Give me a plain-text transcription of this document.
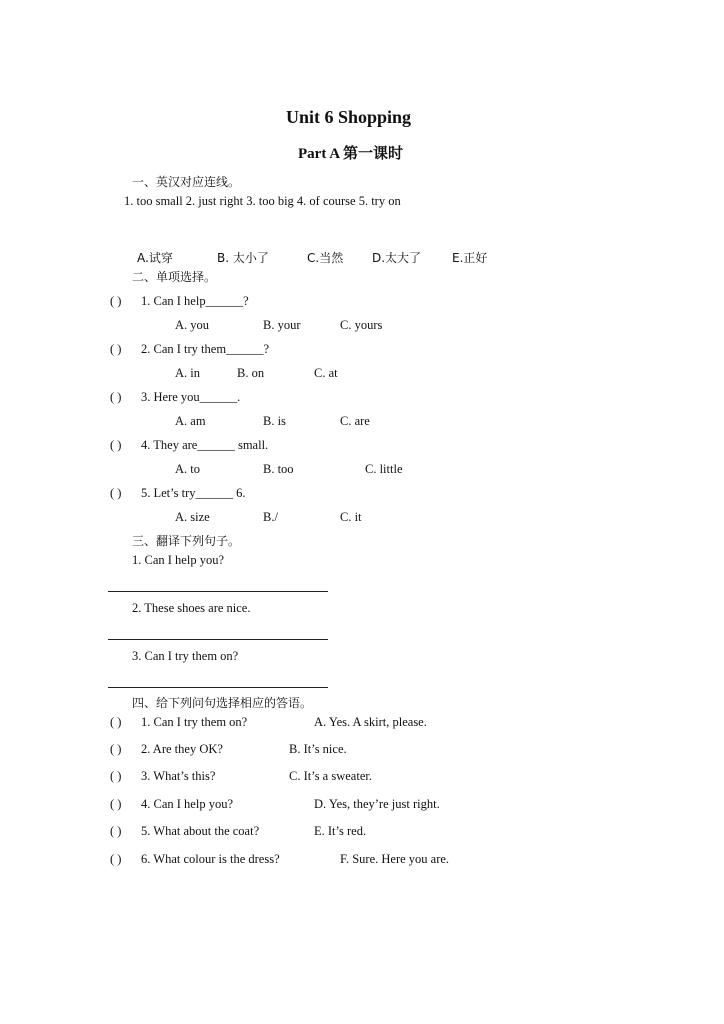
Unit 6 Shopping
Part A 第一课时
一、英汉对应连线。
1. too small 2. just right 3. too big 4. of course 5. try on
A.试穿	B. 太小了	C.当然 D.太大了	E.正好
二、单项选择。
( ) 1. Can I help______?
A. you	B. your	C. yours
( ) 2. Can I try them______?
A. in	B. on	C. at
( ) 3. Here you______.
A. am	B. is	C. are
( ) 4. They are______ small.
A. to	B. too	C. little
( ) 5. Let’s try______ 6.
A. size	B./	C. it
三、翻译下列句子。
1. Can I help you?
2. These shoes are nice.
3. Can I try them on?
四、给下列问句选择相应的答语。
( ) 1. Can I try them on?	A. Yes. A skirt, please.
( ) 2. Are they OK?	B. It’s nice.
( ) 3. What’s this?	C. It’s a sweater.
( ) 4. Can I help you?	D. Yes, they’re just right.
( ) 5. What about the coat?	E. It’s red.
( ) 6. What colour is the dress?	F. Sure. Here you are.
